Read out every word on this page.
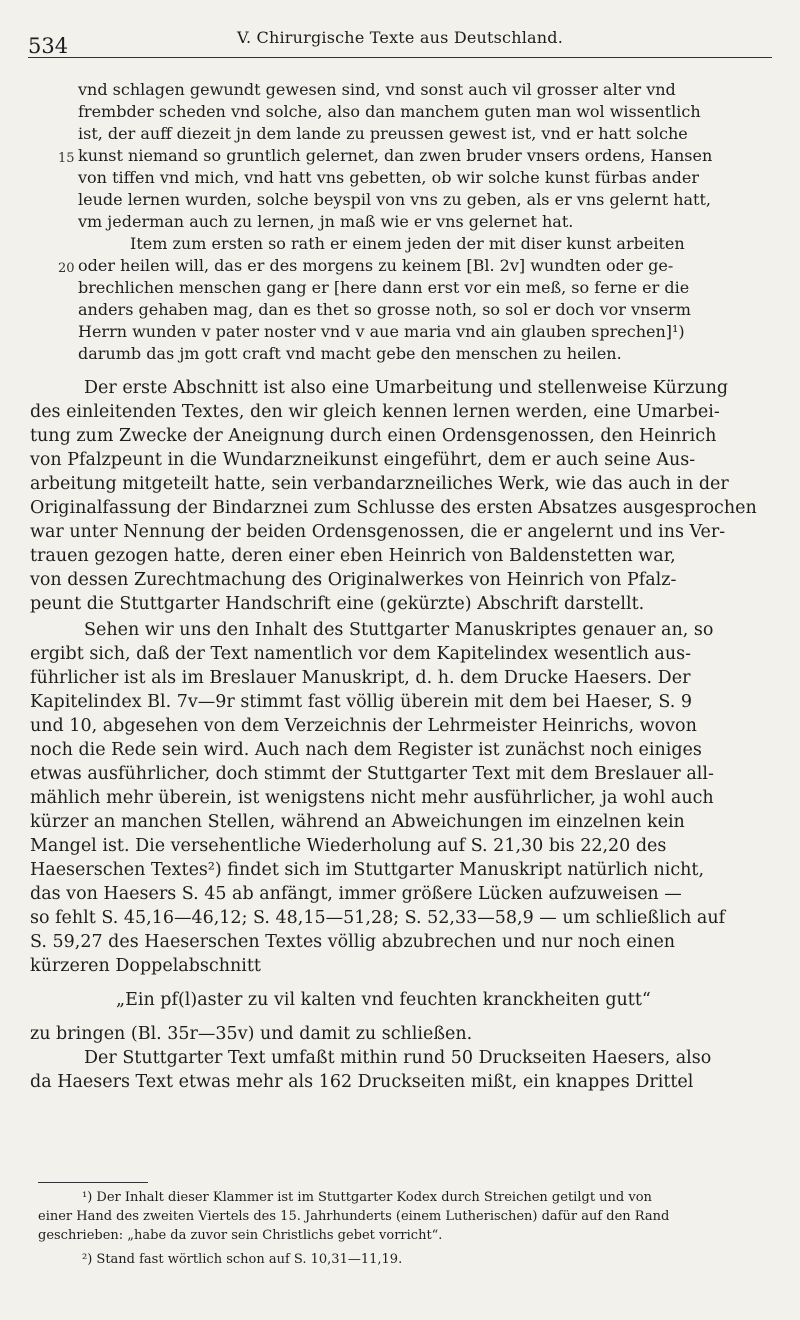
534	V. Chirurgische Texte aus Deutschland.
vnd schlagen gewundt gewesen sind, vnd sonst auch vil grosser alter vnd
frembder scheden vnd solche, also dan manchem guten man wol wissentlich
ist, der auff diezeit jn dem lande zu preussen gewest ist, vnd er hatt solche
kunst niemand so gruntlich gelernet, dan zwen bruder vnsers ordens, Hansen
von tiffen vnd mich, vnd hatt vns gebetten, ob wir solche kunst fürbas ander
leude lernen wurden, solche beyspil von vns zu geben, als er vns gelernt hatt,
vm jederman auch zu lernen, jn maß wie er vns gelernet hat.
Item zum ersten so rath er einem jeden der mit diser kunst arbeiten
oder heilen will, das er des morgens zu keinem [Bl. 2v] wundten oder ge-
brechlichen menschen gang er [here dann erst vor ein meß, so ferne er die
anders gehaben mag, dan es thet so grosse noth, so sol er doch vor vnserm
Herrn wunden v pater noster vnd v aue maria vnd ain glauben sprechen]¹)
darumb das jm gott craft vnd macht gebe den menschen zu heilen.
15
20
Der erste Abschnitt ist also eine Umarbeitung und stellenweise Kürzung
des einleitenden Textes, den wir gleich kennen lernen werden, eine Umarbei-
tung zum Zwecke der Aneignung durch einen Ordensgenossen, den Heinrich
von Pfalzpeunt in die Wundarzneikunst eingeführt, dem er auch seine Aus-
arbeitung mitgeteilt hatte, sein verbandarzneiliches Werk, wie das auch in der
Originalfassung der Bindarznei zum Schlusse des ersten Absatzes ausgesprochen
war unter Nennung der beiden Ordensgenossen, die er angelernt und ins Ver-
trauen gezogen hatte, deren einer eben Heinrich von Baldenstetten war,
von dessen Zurechtmachung des Originalwerkes von Heinrich von Pfalz-
peunt die Stuttgarter Handschrift eine (gekürzte) Abschrift darstellt.
Sehen wir uns den Inhalt des Stuttgarter Manuskriptes genauer an, so
ergibt sich, daß der Text namentlich vor dem Kapitelindex wesentlich aus-
führlicher ist als im Breslauer Manuskript, d. h. dem Drucke Haesers. Der
Kapitelindex Bl. 7v—9r stimmt fast völlig überein mit dem bei Haeser, S. 9
und 10, abgesehen von dem Verzeichnis der Lehrmeister Heinrichs, wovon
noch die Rede sein wird. Auch nach dem Register ist zunächst noch einiges
etwas ausführlicher, doch stimmt der Stuttgarter Text mit dem Breslauer all-
mählich mehr überein, ist wenigstens nicht mehr ausführlicher, ja wohl auch
kürzer an manchen Stellen, während an Abweichungen im einzelnen kein
Mangel ist. Die versehentliche Wiederholung auf S. 21,30 bis 22,20 des
Haeserschen Textes²) findet sich im Stuttgarter Manuskript natürlich nicht,
das von Haesers S. 45 ab anfängt, immer größere Lücken aufzuweisen —
so fehlt S. 45,16—46,12; S. 48,15—51,28; S. 52,33—58,9 — um schließlich auf
S. 59,27 des Haeserschen Textes völlig abzubrechen und nur noch einen
kürzeren Doppelabschnitt
„Ein pf(l)aster zu vil kalten vnd feuchten kranckheiten gutt“
zu bringen (Bl. 35r—35v) und damit zu schließen.
Der Stuttgarter Text umfaßt mithin rund 50 Druckseiten Haesers, also
da Haesers Text etwas mehr als 162 Druckseiten mißt, ein knappes Drittel
¹) Der Inhalt dieser Klammer ist im Stuttgarter Kodex durch Streichen getilgt und von
einer Hand des zweiten Viertels des 15. Jahrhunderts (einem Lutherischen) dafür auf den Rand
geschrieben: „habe da zuvor sein Christlichs gebet vorricht“.
²) Stand fast wörtlich schon auf S. 10,31—11,19.
